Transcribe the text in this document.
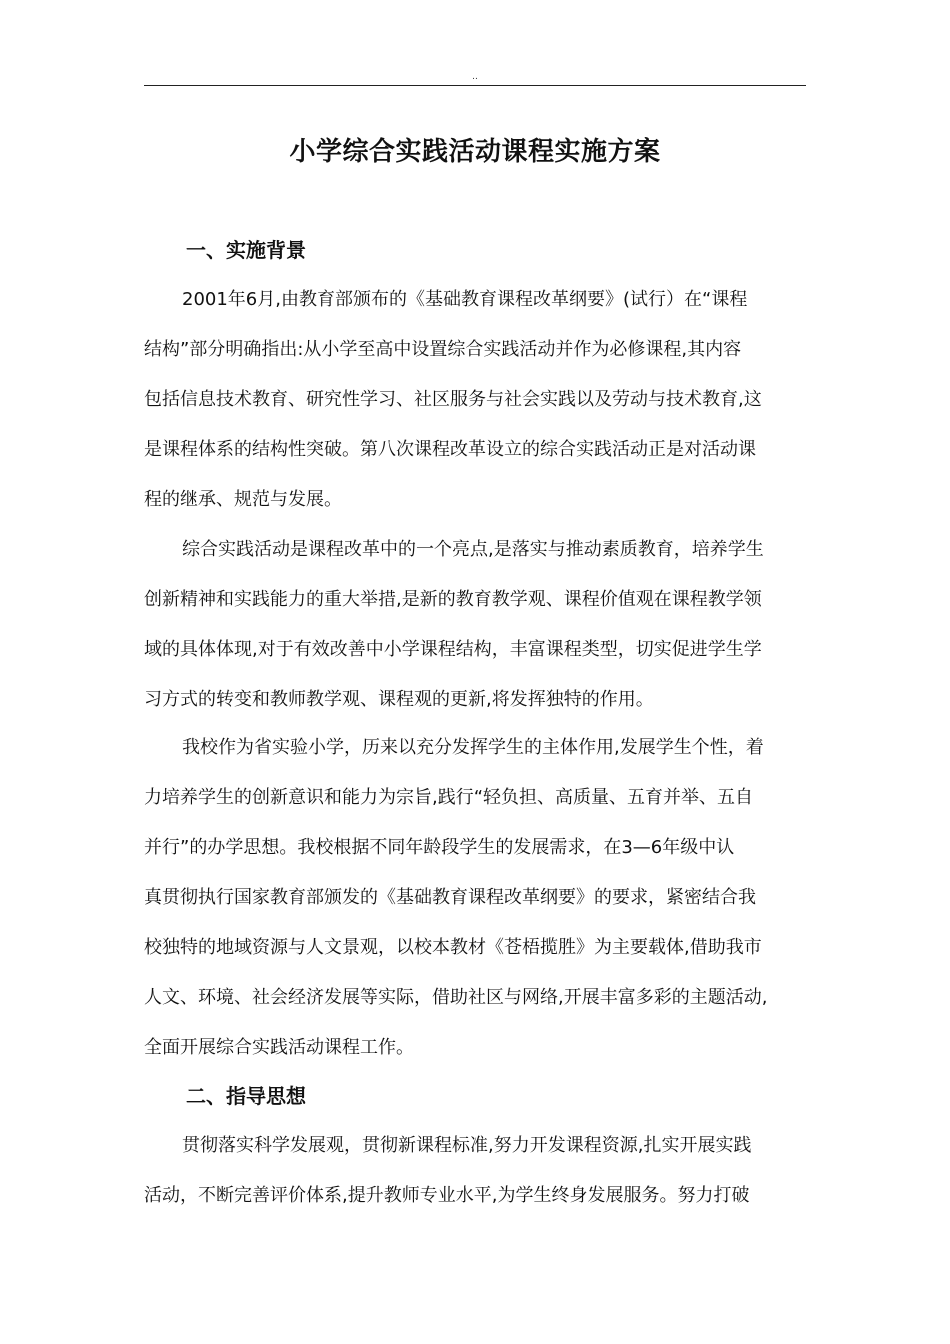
..
小学综合实践活动课程实施方案
一、实施背景
2001年6月,由教育部颁布的《基础教育课程改革纲要》(试行）在“课程
结构”部分明确指出:从小学至高中设置综合实践活动并作为必修课程,其内容
包括信息技术教育、研究性学习、社区服务与社会实践以及劳动与技术教育,这
是课程体系的结构性突破。第八次课程改革设立的综合实践活动正是对活动课
程的继承、规范与发展。
综合实践活动是课程改革中的一个亮点,是落实与推动素质教育，培养学生
创新精神和实践能力的重大举措,是新的教育教学观、课程价值观在课程教学领
域的具体体现,对于有效改善中小学课程结构，丰富课程类型，切实促进学生学
习方式的转变和教师教学观、课程观的更新,将发挥独特的作用。
我校作为省实验小学，历来以充分发挥学生的主体作用,发展学生个性，着
力培养学生的创新意识和能力为宗旨,践行“轻负担、高质量、五育并举、五自
并行”的办学思想。我校根据不同年龄段学生的发展需求，在3—6年级中认
真贯彻执行国家教育部颁发的《基础教育课程改革纲要》的要求，紧密结合我
校独特的地域资源与人文景观，以校本教材《苍梧揽胜》为主要载体,借助我市
人文、环境、社会经济发展等实际，借助社区与网络,开展丰富多彩的主题活动,
全面开展综合实践活动课程工作。
二、指导思想
贯彻落实科学发展观，贯彻新课程标准,努力开发课程资源,扎实开展实践
活动，不断完善评价体系,提升教师专业水平,为学生终身发展服务。努力打破
